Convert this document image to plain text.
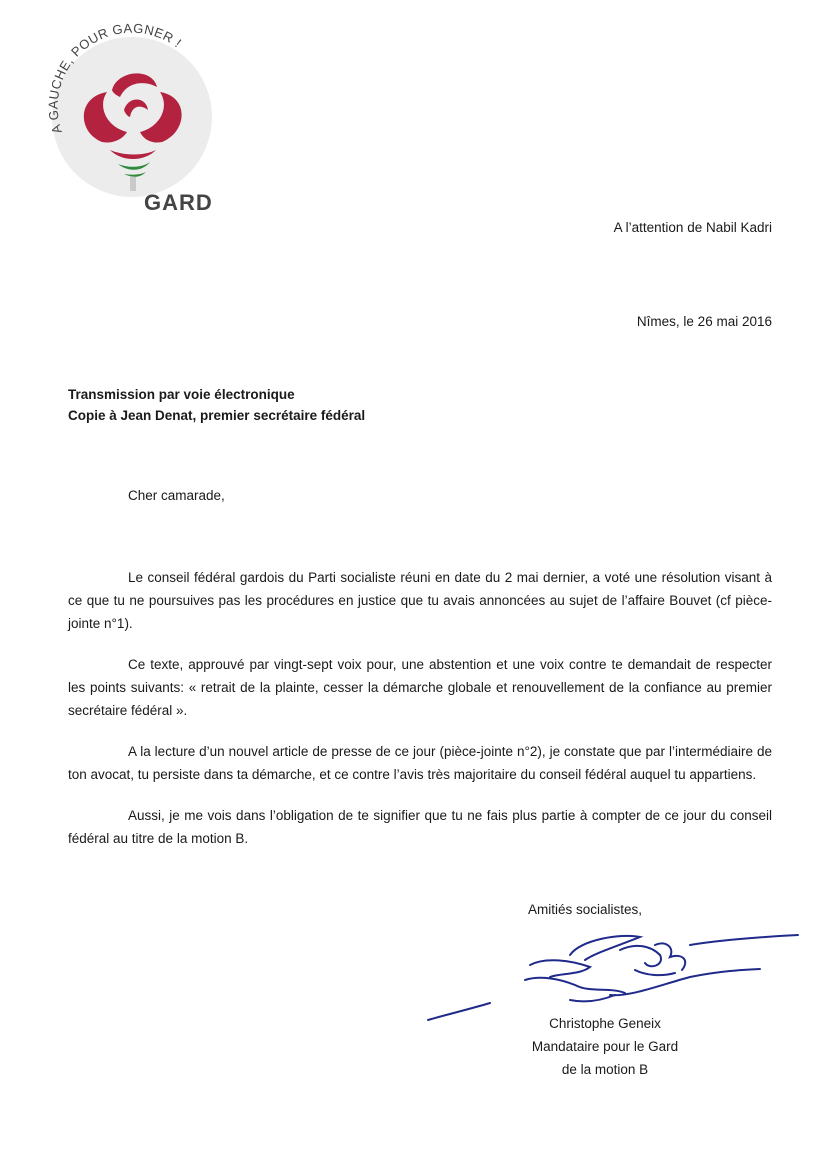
A GAUCHE, POUR GAGNER !
GARD
A l’attention de Nabil Kadri
Nîmes, le 26 mai 2016
Transmission par voie électronique
Copie à Jean Denat, premier secrétaire fédéral
Cher camarade,

Le conseil fédéral gardois du Parti socialiste réuni en date du 2 mai dernier, a voté une résolution visant à ce que tu ne poursuives pas les procédures en justice que tu avais annoncées au sujet de l’affaire Bouvet (cf pièce-jointe n°1).

Ce texte, approuvé par vingt-sept voix pour, une abstention et une voix contre te demandait de respecter les points suivants: « retrait de la plainte, cesser la démarche globale et renouvellement de la confiance au premier secrétaire fédéral ».

A la lecture d’un nouvel article de presse de ce jour (pièce-jointe n°2), je constate que par l’intermédiaire de ton avocat, tu persiste dans ta démarche, et ce contre l’avis très majoritaire du conseil fédéral auquel tu appartiens.

Aussi, je me vois dans l’obligation de te signifier que tu ne fais plus partie à compter de ce jour du conseil fédéral au titre de la motion B.

Amitiés socialistes,
Christophe Geneix
Mandataire pour le Gard
de la motion B
